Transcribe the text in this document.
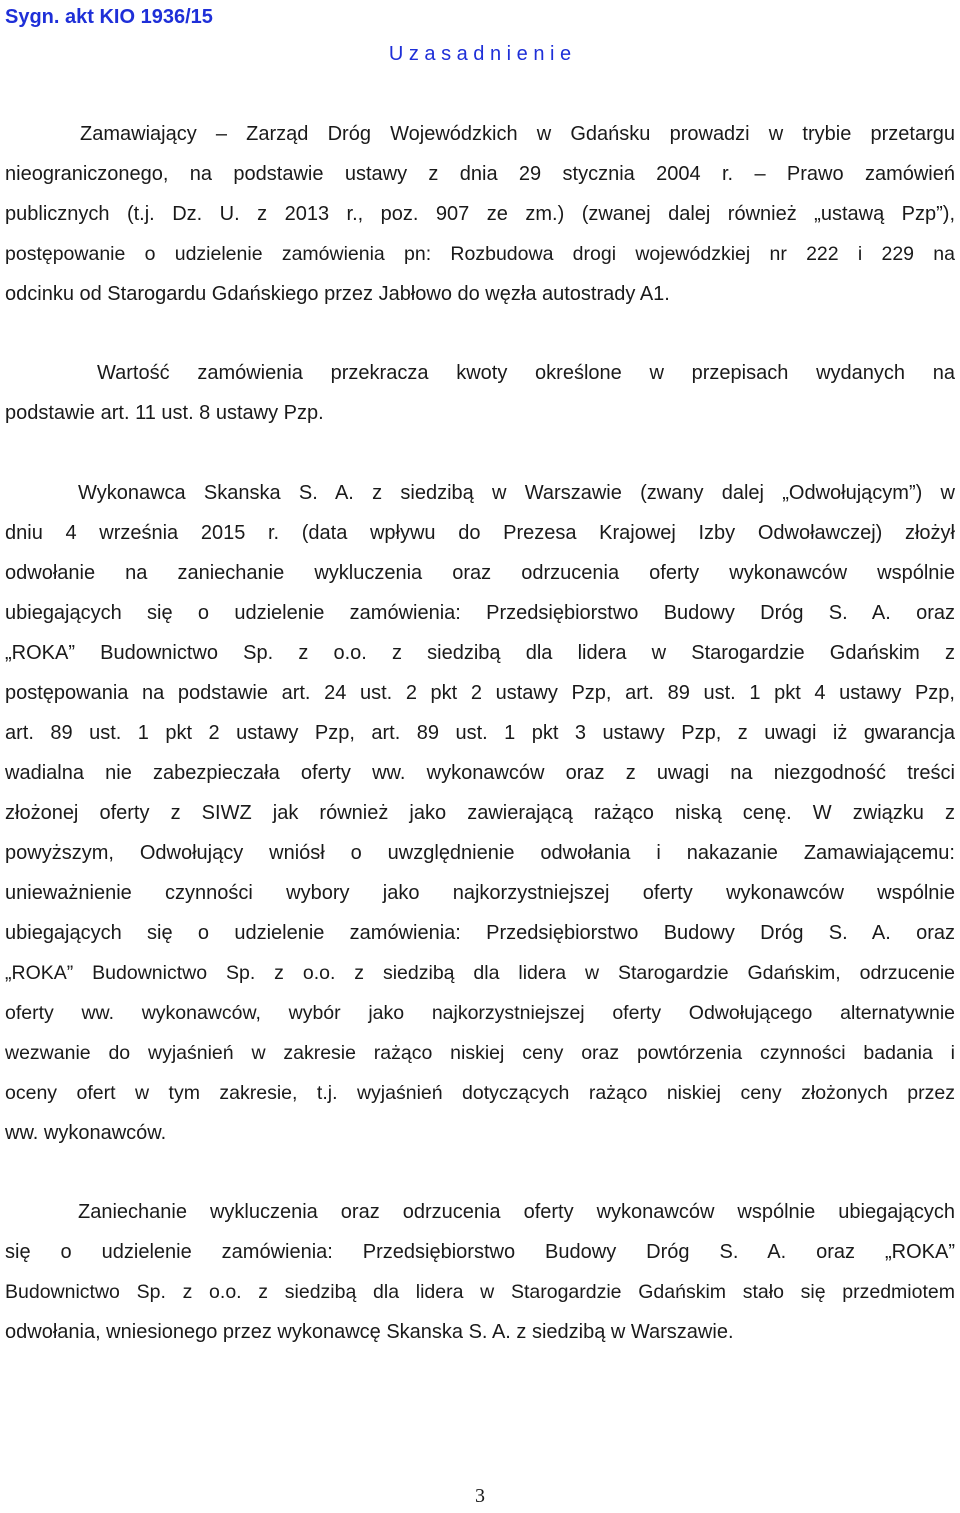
Sygn. akt KIO 1936/15
U z a s a d n i e n i e
Zamawiający – Zarząd Dróg Wojewódzkich w Gdańsku prowadzi w trybie przetargu
nieograniczonego, na podstawie ustawy z dnia 29 stycznia 2004 r. – Prawo zamówień
publicznych (t.j. Dz. U. z 2013 r., poz. 907 ze zm.) (zwanej dalej również „ustawą Pzp”),
postępowanie o udzielenie zamówienia pn: Rozbudowa drogi wojewódzkiej nr 222 i 229 na
odcinku od Starogardu Gdańskiego przez Jabłowo do węzła autostrady A1.
Wartość zamówienia przekracza kwoty określone w przepisach wydanych na
podstawie art. 11 ust. 8 ustawy Pzp.
Wykonawca Skanska S. A. z siedzibą w Warszawie (zwany dalej „Odwołującym”) w
dniu 4 września 2015 r. (data wpływu do Prezesa Krajowej Izby Odwoławczej) złożył
odwołanie na zaniechanie wykluczenia oraz odrzucenia oferty wykonawców wspólnie
ubiegających się o udzielenie zamówienia: Przedsiębiorstwo Budowy Dróg S. A. oraz
„ROKA” Budownictwo Sp. z o.o. z siedzibą dla lidera w Starogardzie Gdańskim z
postępowania na podstawie art. 24 ust. 2 pkt 2 ustawy Pzp, art. 89 ust. 1 pkt 4 ustawy Pzp,
art. 89 ust. 1 pkt 2 ustawy Pzp, art. 89 ust. 1 pkt 3 ustawy Pzp, z uwagi iż gwarancja
wadialna nie zabezpieczała oferty ww. wykonawców oraz z uwagi na niezgodność treści
złożonej oferty z SIWZ jak również jako zawierającą rażąco niską cenę. W związku z
powyższym, Odwołujący wniósł o uwzględnienie odwołania i nakazanie Zamawiającemu:
unieważnienie czynności wybory jako najkorzystniejszej oferty wykonawców wspólnie
ubiegających się o udzielenie zamówienia: Przedsiębiorstwo Budowy Dróg S. A. oraz
„ROKA” Budownictwo Sp. z o.o. z siedzibą dla lidera w Starogardzie Gdańskim, odrzucenie
oferty ww. wykonawców, wybór jako najkorzystniejszej oferty Odwołującego alternatywnie
wezwanie do wyjaśnień w zakresie rażąco niskiej ceny oraz powtórzenia czynności badania i
oceny ofert w tym zakresie, t.j. wyjaśnień dotyczących rażąco niskiej ceny złożonych przez
ww. wykonawców.
Zaniechanie wykluczenia oraz odrzucenia oferty wykonawców wspólnie ubiegających
się o udzielenie zamówienia: Przedsiębiorstwo Budowy Dróg S. A. oraz „ROKA”
Budownictwo Sp. z o.o. z siedzibą dla lidera w Starogardzie Gdańskim stało się przedmiotem
odwołania, wniesionego przez wykonawcę Skanska S. A. z siedzibą w Warszawie.
3
